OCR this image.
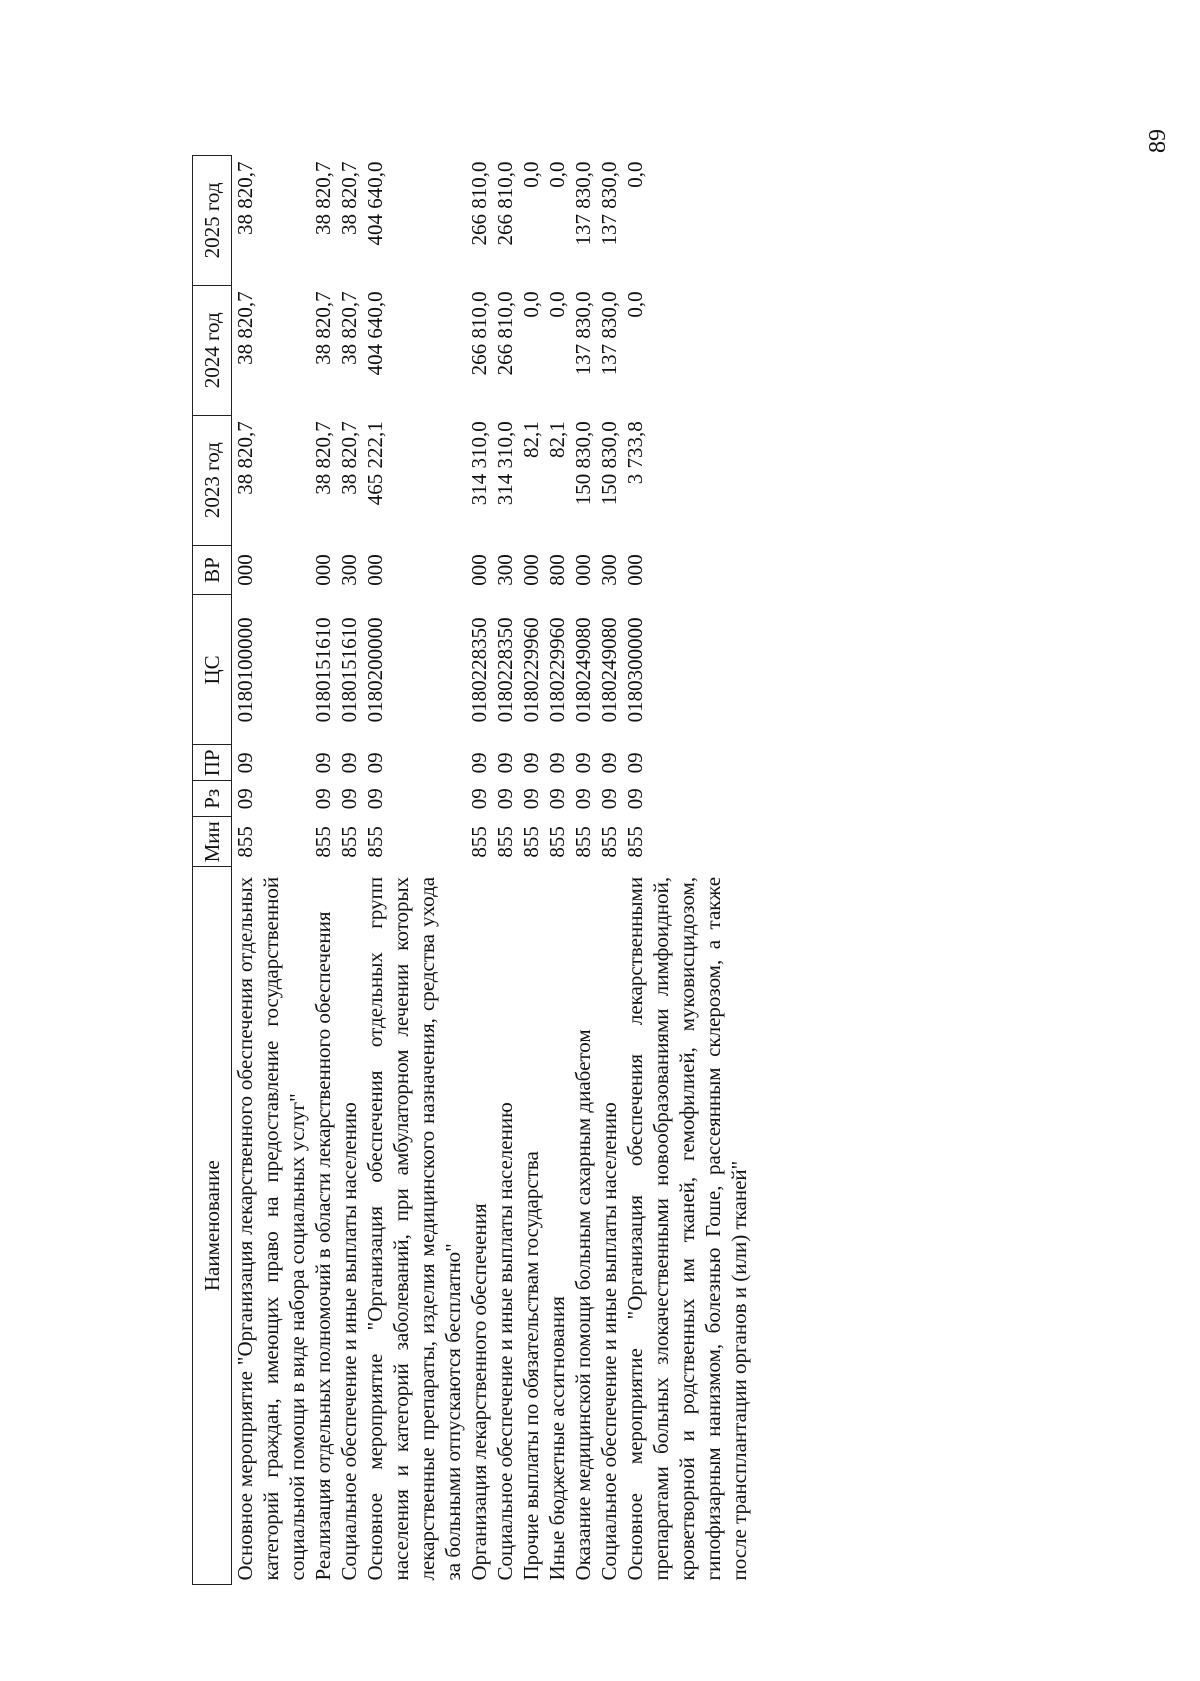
89
Наименование	Мин	Рз	ПР	ЦС	ВР	2023 год	2024 год	2025 год
Основное мероприятие "Организация лекарственного обеспечения отдельных категорий граждан, имеющих право на предоставление государственной социальной помощи в виде набора социальных услуг"	855	09	09	0180100000	000	38 820,7	38 820,7	38 820,7
Реализация отдельных полномочий в области лекарственного обеспечения	855	09	09	0180151610	000	38 820,7	38 820,7	38 820,7
Социальное обеспечение и иные выплаты населению	855	09	09	0180151610	300	38 820,7	38 820,7	38 820,7
Основное мероприятие "Организация обеспечения отдельных групп населения и категорий заболеваний, при амбулаторном лечении которых лекарственные препараты, изделия медицинского назначения, средства ухода за больными отпускаются бесплатно"	855	09	09	0180200000	000	465 222,1	404 640,0	404 640,0
Организация лекарственного обеспечения	855	09	09	0180228350	000	314 310,0	266 810,0	266 810,0
Социальное обеспечение и иные выплаты населению	855	09	09	0180228350	300	314 310,0	266 810,0	266 810,0
Прочие выплаты по обязательствам государства	855	09	09	0180229960	000	82,1	0,0	0,0
Иные бюджетные ассигнования	855	09	09	0180229960	800	82,1	0,0	0,0
Оказание медицинской помощи больным сахарным диабетом	855	09	09	0180249080	000	150 830,0	137 830,0	137 830,0
Социальное обеспечение и иные выплаты населению	855	09	09	0180249080	300	150 830,0	137 830,0	137 830,0
Основное мероприятие "Организация обеспечения лекарственными препаратами больных злокачественными новообразованиями лимфоидной, кроветворной и родственных им тканей, гемофилией, муковисцидозом, гипофизарным нанизмом, болезнью Гоше, рассеянным склерозом, а также после трансплантации органов и (или) тканей"	855	09	09	0180300000	000	3 733,8	0,0	0,0
